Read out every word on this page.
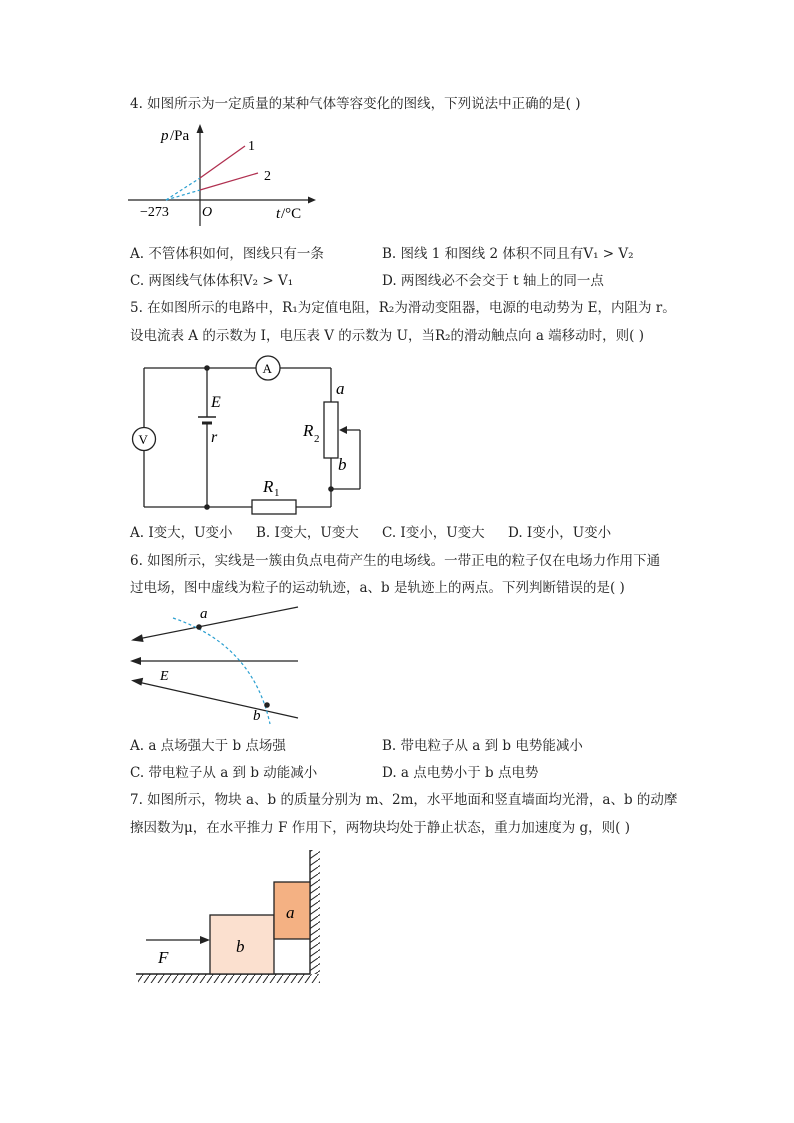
4. 如图所示为一定质量的某种气体等容变化的图线，下列说法中正确的是( )
p /Pa
1
2
−273 O	t /°C
A. 不管体积如何，图线只有一条	B. 图线 1 和图线 2 体积不同且有V₁ > V₂
C. 两图线气体体积V₂ > V₁	D. 两图线必不会交于 t 轴上的同一点
5. 在如图所示的电路中，R₁为定值电阻，R₂为滑动变阻器，电源的电动势为 E，内阻为 r。
设电流表 A 的示数为 I，电压表 V 的示数为 U，当R₂的滑动触点向 a 端移动时，则( )
A
V
E
r	R 2
R 1
a
b
A. I变大，U变小 B. I变大，U变大 C. I变小，U变大 D. I变小，U变小
6. 如图所示，实线是一簇由负点电荷产生的电场线。一带正电的粒子仅在电场力作用下通
过电场，图中虚线为粒子的运动轨迹，a、b 是轨迹上的两点。下列判断错误的是( )
a
b
E
A. a 点场强大于 b 点场强	B. 带电粒子从 a 到 b 电势能减小
C. 带电粒子从 a 到 b 动能减小	D. a 点电势小于 b 点电势
7. 如图所示，物块 a、b 的质量分别为 m、2m，水平地面和竖直墙面均光滑，a、b 的动摩
擦因数为μ，在水平推力 F 作用下，两物块均处于静止状态，重力加速度为 g，则( )
a
b
F
